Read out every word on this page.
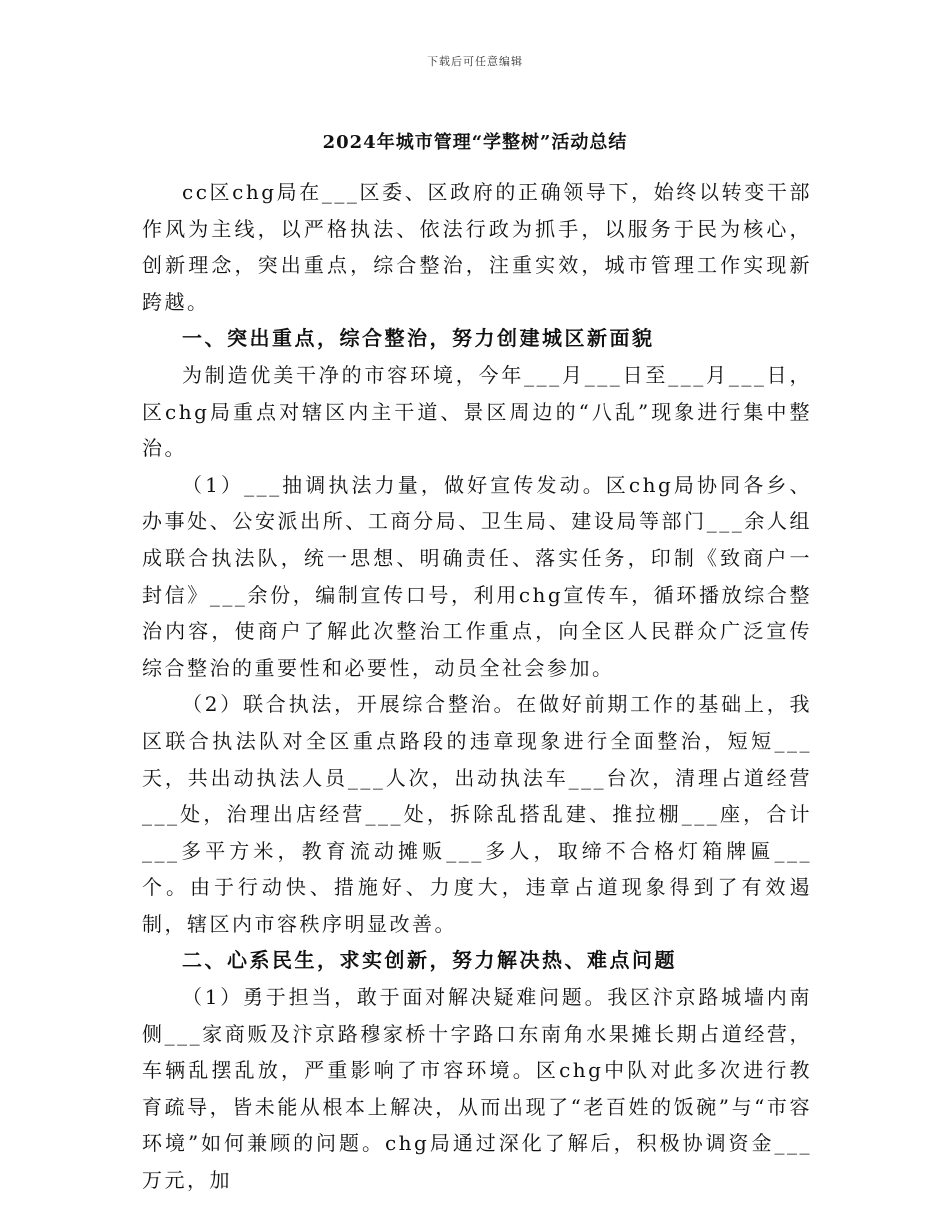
下载后可任意编辑
2024年城市管理“学整树”活动总结

cc区chg局在___区委、区政府的正确领导下，始终以转变干部作风为主线，以严格执法、依法行政为抓手，以服务于民为核心，创新理念，突出重点，综合整治，注重实效，城市管理工作实现新跨越。

一、突出重点，综合整治，努力创建城区新面貌

为制造优美干净的市容环境，今年___月___日至___月___日，区chg局重点对辖区内主干道、景区周边的“八乱”现象进行集中整治。

（1）___抽调执法力量，做好宣传发动。区chg局协同各乡、办事处、公安派出所、工商分局、卫生局、建设局等部门___余人组成联合执法队，统一思想、明确责任、落实任务，印制《致商户一封信》___余份，编制宣传口号，利用chg宣传车，循环播放综合整治内容，使商户了解此次整治工作重点，向全区人民群众广泛宣传综合整治的重要性和必要性，动员全社会参加。

（2）联合执法，开展综合整治。在做好前期工作的基础上，我区联合执法队对全区重点路段的违章现象进行全面整治，短短___天，共出动执法人员___人次，出动执法车___台次，清理占道经营___处，治理出店经营___处，拆除乱搭乱建、推拉棚___座，合计___多平方米，教育流动摊贩___多人，取缔不合格灯箱牌匾___个。由于行动快、措施好、力度大，违章占道现象得到了有效遏制，辖区内市容秩序明显改善。

二、心系民生，求实创新，努力解决热、难点问题

（1）勇于担当，敢于面对解决疑难问题。我区汴京路城墙内南侧___家商贩及汴京路穆家桥十字路口东南角水果摊长期占道经营，车辆乱摆乱放，严重影响了市容环境。区chg中队对此多次进行教育疏导，皆未能从根本上解决，从而出现了“老百姓的饭碗”与“市容环境”如何兼顾的问题。chg局通过深化了解后，积极协调资金___万元，加
